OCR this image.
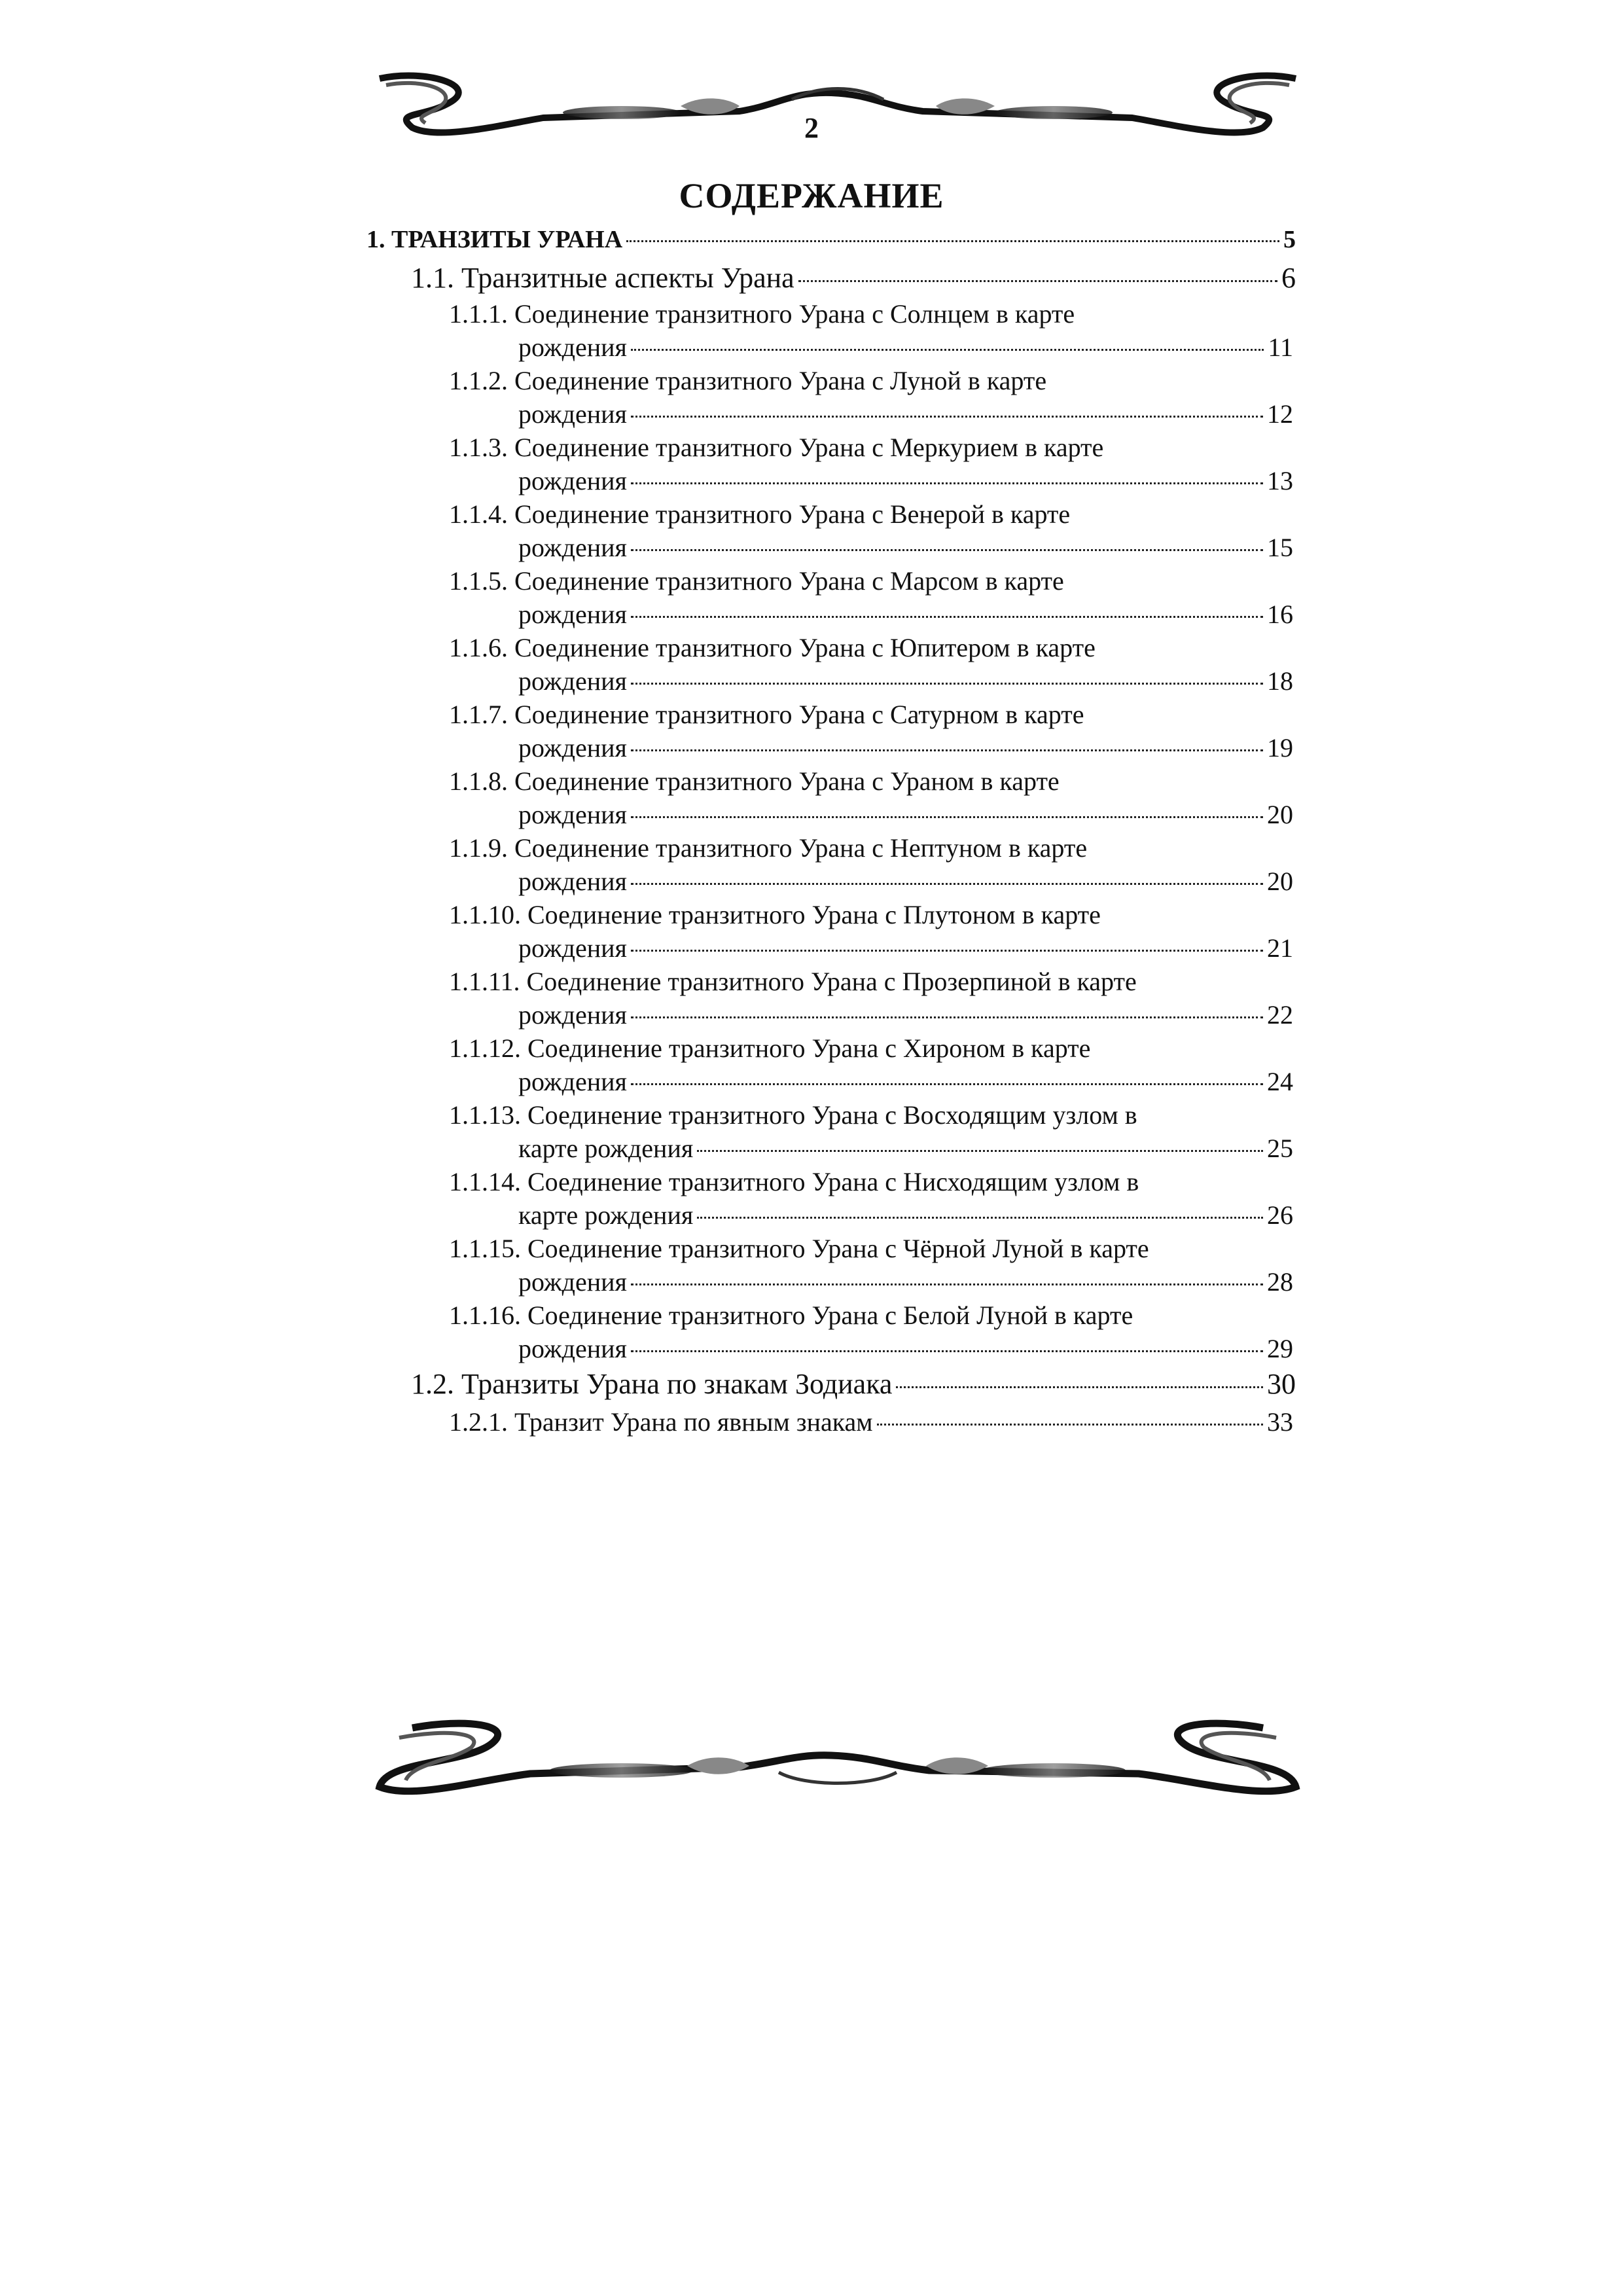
2
СОДЕРЖАНИЕ
1. ТРАНЗИТЫ УРАНА	5
1.1. Транзитные аспекты Урана	6
1.1.1. Соединение транзитного Урана с Солнцем в карте
рождения	11
1.1.2. Соединение транзитного Урана с Луной в карте
рождения	12
1.1.3. Соединение транзитного Урана с Меркурием в карте
рождения	13
1.1.4. Соединение транзитного Урана с Венерой в карте
рождения	15
1.1.5. Соединение транзитного Урана с Марсом в карте
рождения	16
1.1.6. Соединение транзитного Урана с Юпитером в карте
рождения	18
1.1.7. Соединение транзитного Урана с Сатурном в карте
рождения	19
1.1.8. Соединение транзитного Урана с Ураном в карте
рождения	20
1.1.9. Соединение транзитного Урана с Нептуном в карте
рождения	20
1.1.10. Соединение транзитного Урана с Плутоном в карте
рождения	21
1.1.11. Соединение транзитного Урана с Прозерпиной в карте
рождения	22
1.1.12. Соединение транзитного Урана с Хироном в карте
рождения	24
1.1.13. Соединение транзитного Урана с Восходящим узлом в
карте рождения	25
1.1.14. Соединение транзитного Урана с Нисходящим узлом в
карте рождения	26
1.1.15. Соединение транзитного Урана с Чёрной Луной в карте
рождения	28
1.1.16. Соединение транзитного Урана с Белой Луной в карте
рождения	29
1.2. Транзиты Урана по знакам Зодиака	30
1.2.1. Транзит Урана по явным знакам	33
